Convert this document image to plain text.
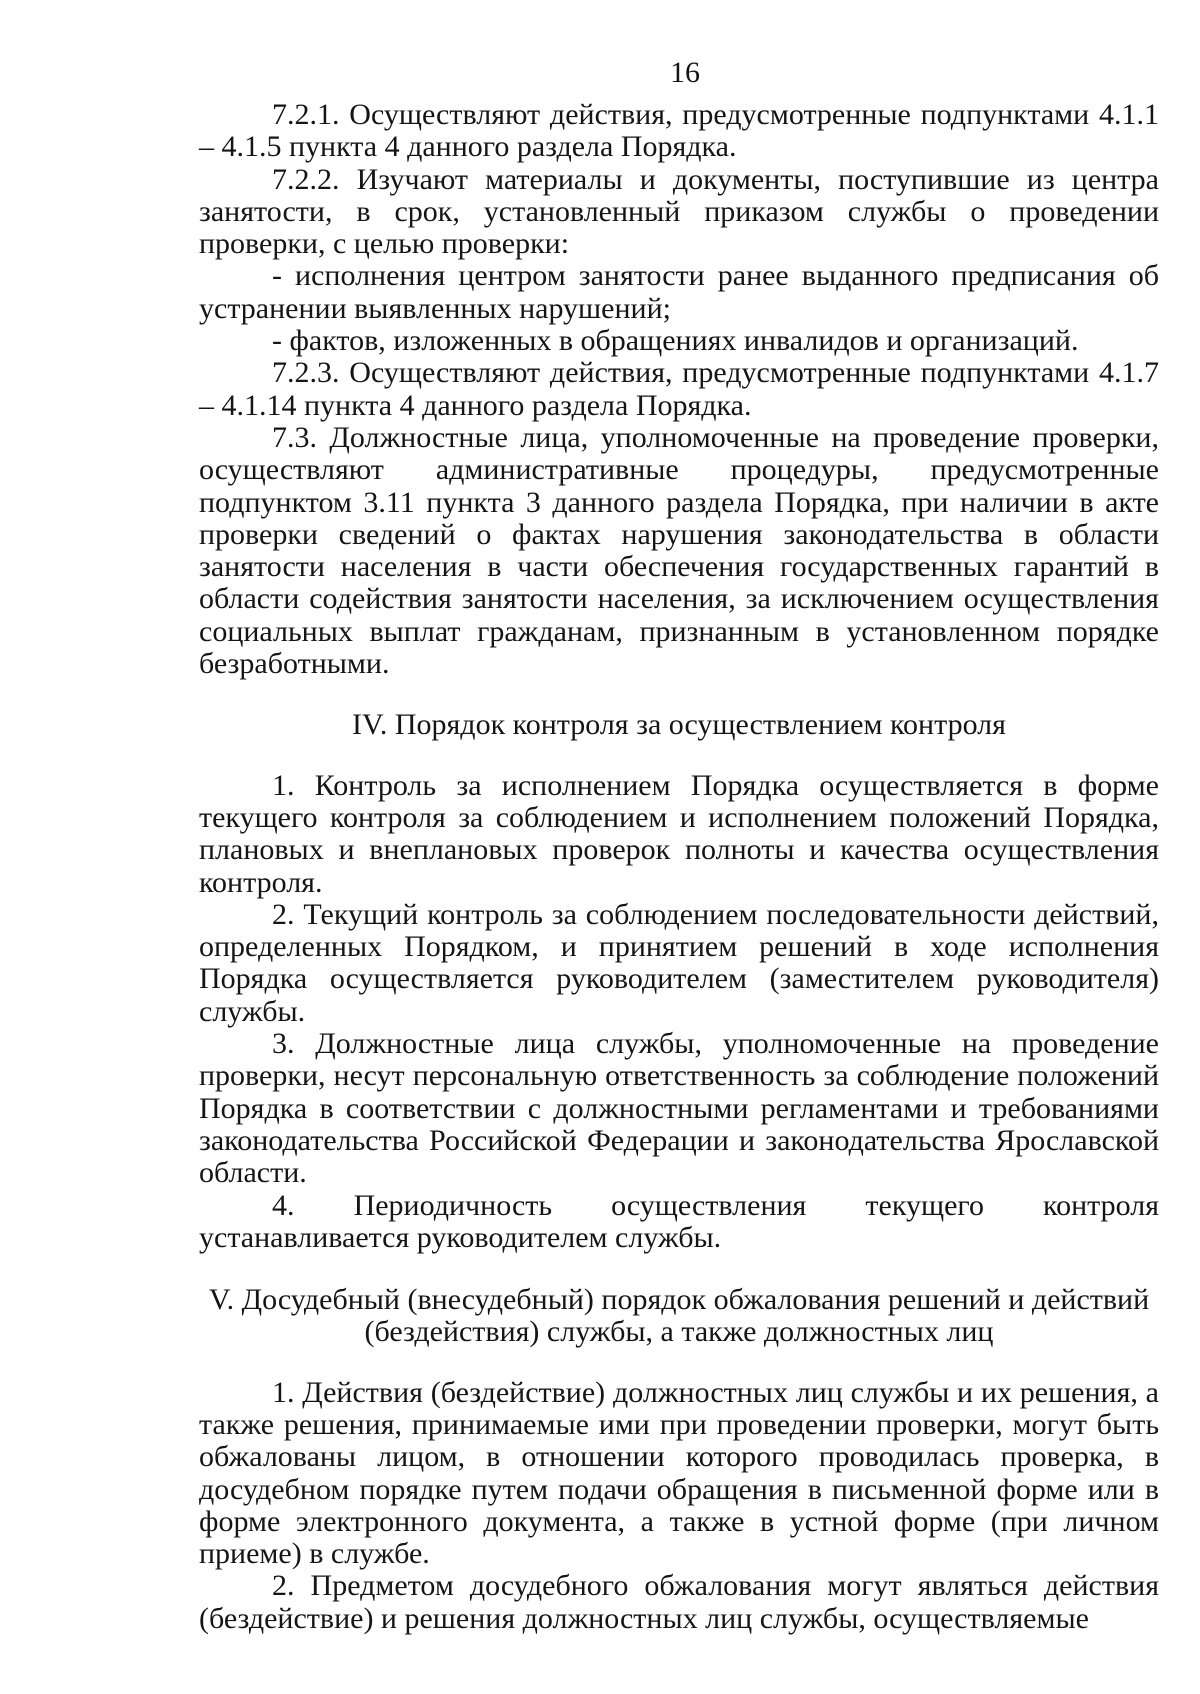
16

7.2.1. Осуществляют действия, предусмотренные подпунктами 4.1.1 – 4.1.5 пункта 4 данного раздела Порядка.

7.2.2. Изучают материалы и документы, поступившие из центра занятости, в срок, установленный приказом службы о проведении проверки, с целью проверки:

- исполнения центром занятости ранее выданного предписания об устранении выявленных нарушений;

- фактов, изложенных в обращениях инвалидов и организаций.

7.2.3. Осуществляют действия, предусмотренные подпунктами 4.1.7 – 4.1.14 пункта 4 данного раздела Порядка.

7.3. Должностные лица, уполномоченные на проведение проверки, осуществляют административные процедуры, предусмотренные подпунктом 3.11 пункта 3 данного раздела Порядка, при наличии в акте проверки сведений о фактах нарушения законодательства в области занятости населения в части обеспечения государственных гарантий в области содействия занятости населения, за исключением осуществления социальных выплат гражданам, признанным в установленном порядке безработными.

IV. Порядок контроля за осуществлением контроля

1. Контроль за исполнением Порядка осуществляется в форме текущего контроля за соблюдением и исполнением положений Порядка, плановых и внеплановых проверок полноты и качества осуществления контроля.

2. Текущий контроль за соблюдением последовательности действий, определенных Порядком, и принятием решений в ходе исполнения Порядка осуществляется руководителем (заместителем руководителя) службы.

3. Должностные лица службы, уполномоченные на проведение проверки, несут персональную ответственность за соблюдение положений Порядка в соответствии с должностными регламентами и требованиями законодательства Российской Федерации и законодательства Ярославской области.

4. Периодичность осуществления текущего контроля устанавливается руководителем службы.

V. Досудебный (внесудебный) порядок обжалования решений и действий
(бездействия) службы, а также должностных лиц

1. Действия (бездействие) должностных лиц службы и их решения, а также решения, принимаемые ими при проведении проверки, могут быть обжалованы лицом, в отношении которого проводилась проверка, в досудебном порядке путем подачи обращения в письменной форме или в форме электронного документа, а также в устной форме (при личном приеме) в службе.

2. Предметом досудебного обжалования могут являться действия (бездействие) и решения должностных лиц службы, осуществляемые
